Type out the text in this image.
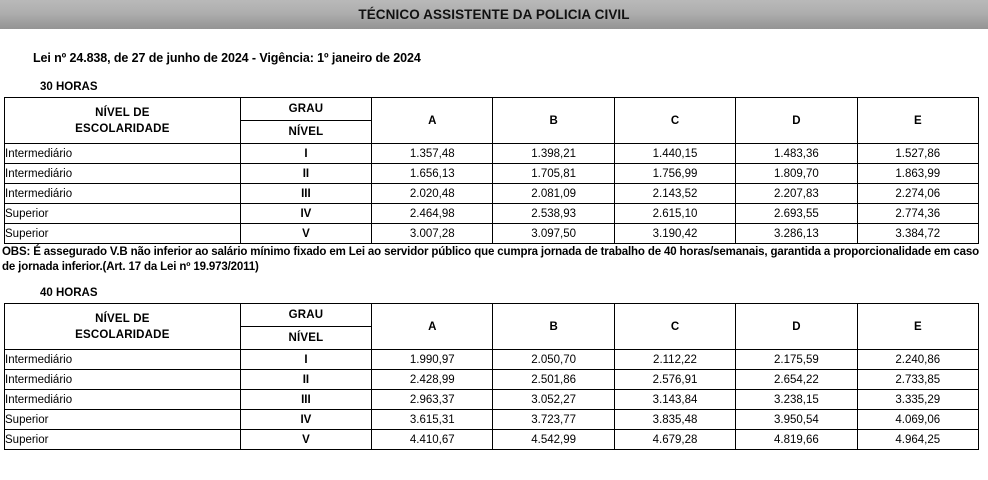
TÉCNICO ASSISTENTE DA POLICIA CIVIL
Lei nº 24.838, de 27 de junho de 2024 - Vigência: 1º janeiro de 2024
30 HORAS
NÍVEL DE
ESCOLARIDADE	GRAU	A	B	C	D	E
	NÍVEL					
Intermediário	I	1.357,48	1.398,21	1.440,15	1.483,36	1.527,86
Intermediário	II	1.656,13	1.705,81	1.756,99	1.809,70	1.863,99
Intermediário	III	2.020,48	2.081,09	2.143,52	2.207,83	2.274,06
Superior	IV	2.464,98	2.538,93	2.615,10	2.693,55	2.774,36
Superior	V	3.007,28	3.097,50	3.190,42	3.286,13	3.384,72
OBS: É assegurado V.B não inferior ao salário mínimo fixado em Lei ao servidor público que cumpra jornada de trabalho de 40 horas/semanais, garantida a proporcionalidade em caso de jornada inferior.(Art. 17 da Lei nº 19.973/2011)
40 HORAS
NÍVEL DE
ESCOLARIDADE	GRAU	A	B	C	D	E
	NÍVEL					
Intermediário	I	1.990,97	2.050,70	2.112,22	2.175,59	2.240,86
Intermediário	II	2.428,99	2.501,86	2.576,91	2.654,22	2.733,85
Intermediário	III	2.963,37	3.052,27	3.143,84	3.238,15	3.335,29
Superior	IV	3.615,31	3.723,77	3.835,48	3.950,54	4.069,06
Superior	V	4.410,67	4.542,99	4.679,28	4.819,66	4.964,25
